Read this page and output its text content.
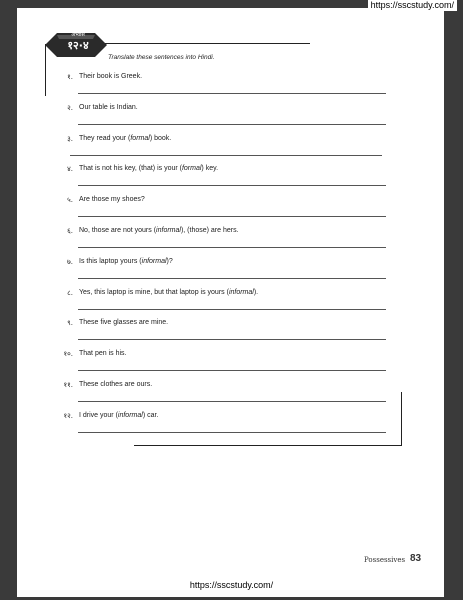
https://sscstudy.com/
अभ्यास
१२·४
Translate these sentences into Hindi.
१. Their book is Greek.
२. Our table is Indian.
३. They read your (formal) book.
४. That is not his key, (that) is your (formal) key.
५. Are those my shoes?
६. No, those are not yours (informal), (those) are hers.
७. Is this laptop yours (informal)?
८. Yes, this laptop is mine, but that laptop is yours (informal).
९. These five glasses are mine.
१०. That pen is his.
११. These clothes are ours.
१२. I drive your (informal) car.
Possessives 83
https://sscstudy.com/
